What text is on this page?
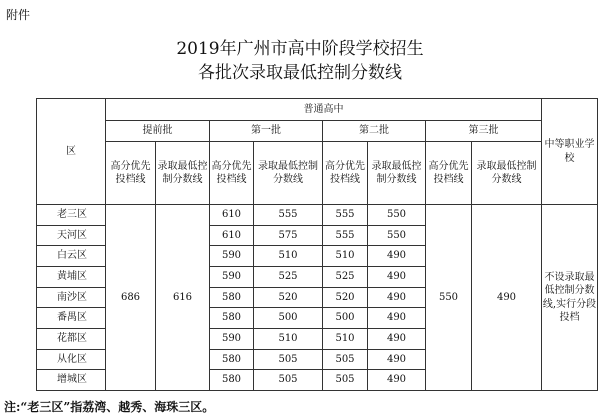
附件
2019年广州市高中阶段学校招生
各批次录取最低控制分数线
区	普通高中								中等职业学校
	提前批		第一批		第二批		第三批		
	高分优先投档线	录取最低控制分数线	高分优先投档线	录取最低控制分数线	高分优先投档线	录取最低控制分数线	高分优先投档线	录取最低控制分数线	
老三区	686	616	610	555	555	550	550	490	不设录取最低控制分数线,实行分段投档
天河区			610	575	555	550			
白云区			590	510	510	490			
黄埔区			590	525	525	490			
南沙区			580	520	520	490			
番禺区			580	500	500	490			
花都区			590	510	510	490			
从化区			580	505	505	490			
增城区			580	505	505	490			
注:“老三区”指荔湾、越秀、海珠三区。
